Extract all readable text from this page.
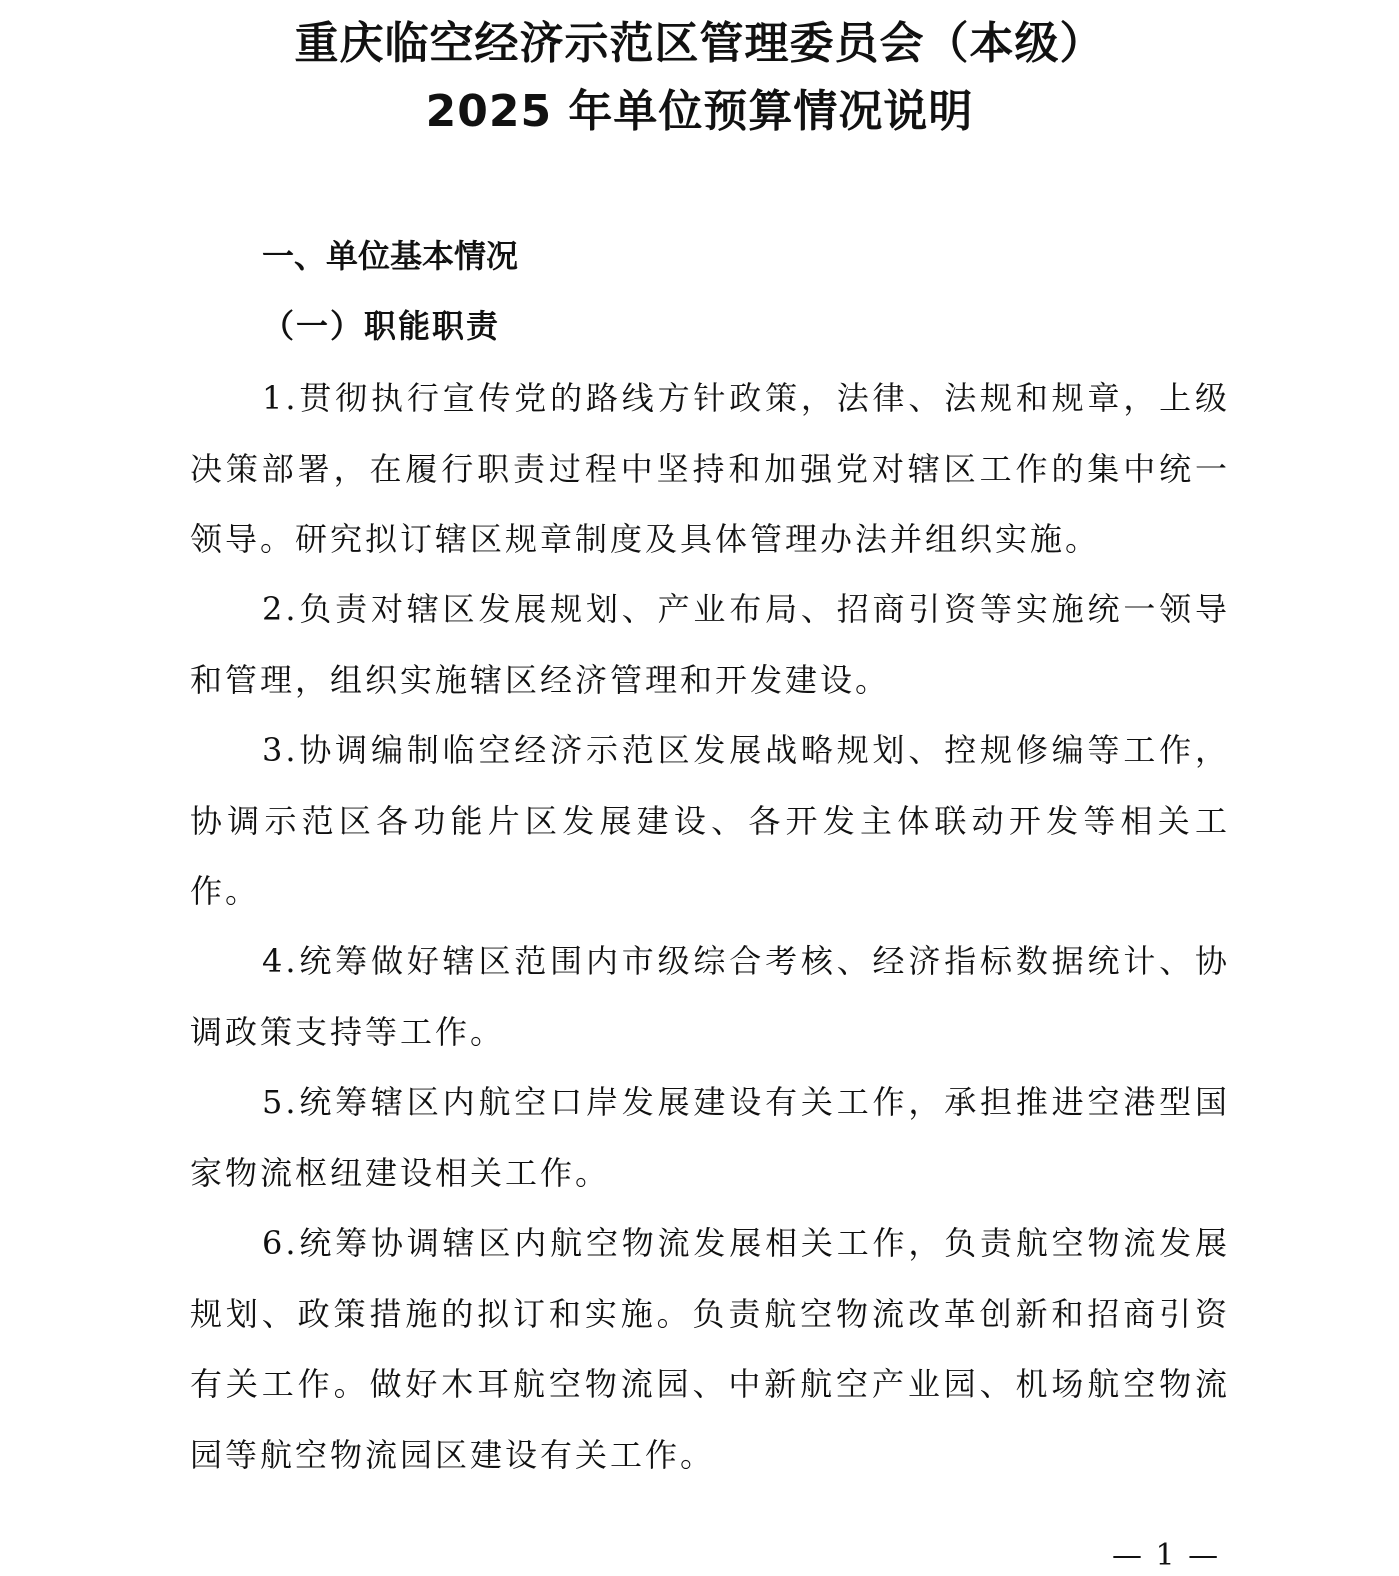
重庆临空经济示范区管理委员会（本级）
2025 年单位预算情况说明
一、单位基本情况
（一）职能职责

1.贯彻执行宣传党的路线方针政策，法律、法规和规章，上级决策部署，在履行职责过程中坚持和加强党对辖区工作的集中统一领导。研究拟订辖区规章制度及具体管理办法并组织实施。

2.负责对辖区发展规划、产业布局、招商引资等实施统一领导和管理，组织实施辖区经济管理和开发建设。

3.协调编制临空经济示范区发展战略规划、控规修编等工作，协调示范区各功能片区发展建设、各开发主体联动开发等相关工作。

4.统筹做好辖区范围内市级综合考核、经济指标数据统计、协调政策支持等工作。

5.统筹辖区内航空口岸发展建设有关工作，承担推进空港型国家物流枢纽建设相关工作。

6.统筹协调辖区内航空物流发展相关工作，负责航空物流发展规划、政策措施的拟订和实施。负责航空物流改革创新和招商引资有关工作。做好木耳航空物流园、中新航空产业园、机场航空物流园等航空物流园区建设有关工作。

— 1 —
